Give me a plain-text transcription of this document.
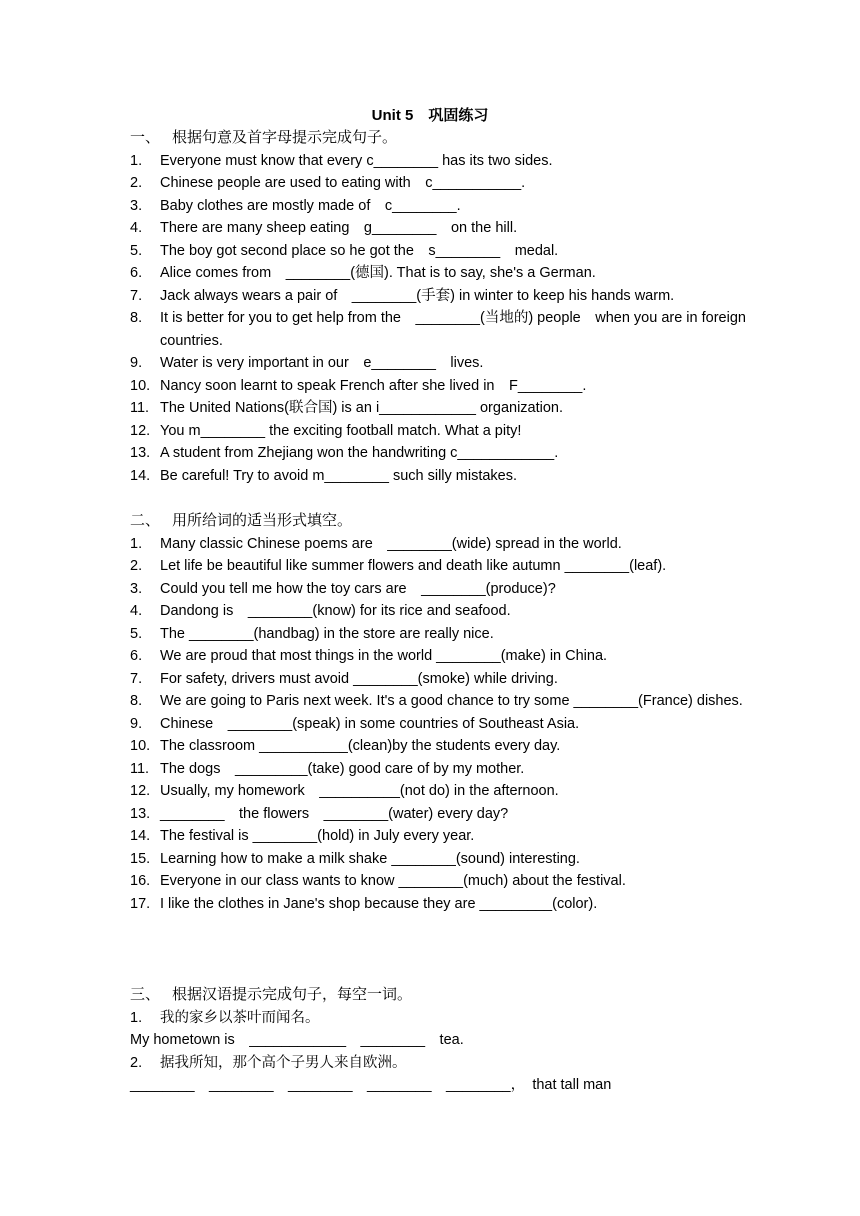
Unit 5　巩固练习
一、 根据句意及首字母提示完成句子。
1. Everyone must know that every c________ has its two sides.
2. Chinese people are used to eating with　c___________.
3. Baby clothes are mostly made of　c________.
4. There are many sheep eating　g________　on the hill.
5. The boy got second place so he got the　s________　medal.
6. Alice comes from　________(德国). That is to say, she's a German.
7. Jack always wears a pair of　________(手套) in winter to keep his hands warm.
8. It is better for you to get help from the　________(当地的) people　when you are in foreign countries.
9. Water is very important in our　e________　lives.
10. Nancy soon learnt to speak French after she lived in　F________.
11. The United Nations(联合国) is an i____________ organization.
12. You m________ the exciting football match. What a pity!
13. A student from Zhejiang won the handwriting c____________.
14. Be careful! Try to avoid m________ such silly mistakes.
二、 用所给词的适当形式填空。
1. Many classic Chinese poems are　________(wide) spread in the world.
2. Let life be beautiful like summer flowers and death like autumn ________(leaf).
3. Could you tell me how the toy cars are　________(produce)?
4. Dandong is　________(know) for its rice and seafood.
5. The ________(handbag) in the store are really nice.
6. We are proud that most things in the world ________(make) in China.
7. For safety, drivers must avoid ________(smoke) while driving.
8. We are going to Paris next week. It's a good chance to try some ________(France) dishes.
9. Chinese　________(speak) in some countries of Southeast Asia.
10. The classroom ___________(clean)by the students every day.
11. The dogs　_________(take) good care of by my mother.
12. Usually, my homework　__________(not do) in the afternoon.
13. ________　the flowers　________(water) every day?
14. The festival is ________(hold) in July every year.
15. Learning how to make a milk shake ________(sound) interesting.
16. Everyone in our class wants to know ________(much) about the festival.
17. I like the clothes in Jane's shop because they are _________(color).
三、 根据汉语提示完成句子，每空一词。
1. 我的家乡以茶叶而闻名。
My hometown is　____________　________　tea.
2. 据我所知，那个高个子男人来自欧洲。
________　________　________　________　________，　that tall man
